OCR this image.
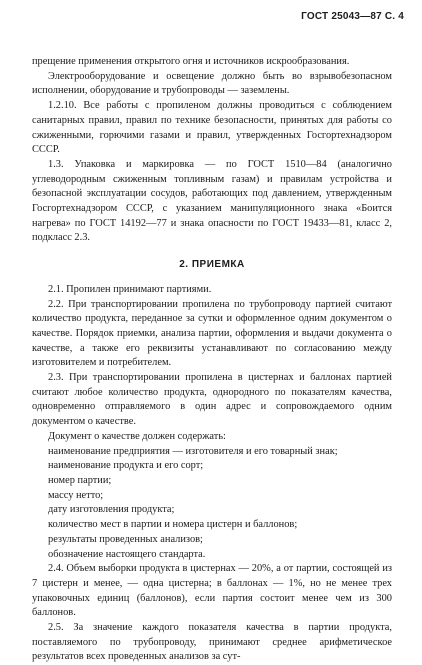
ГОСТ 25043—87 С. 4

прещение применения открытого огня и источников искрообразования.

Электрооборудование и освещение должно быть во взрывобезопасном исполнении, оборудование и трубопроводы — заземлены.

1.2.10. Все работы с пропиленом должны проводиться с соблюдением санитарных правил, правил по технике безопасности, принятых для работы со сжиженными, горючими газами и правил, утвержденных Госгортехнадзором СССР.

1.3. Упаковка и маркировка — по ГОСТ 1510—84 (аналогично углеводородным сжиженным топливным газам) и правилам устройства и безопасной эксплуатации сосудов, работающих под давлением, утвержденным Госгортехнадзором СССР, с указанием манипуляционного знака «Боится нагрева» по ГОСТ 14192—77 и знака опасности по ГОСТ 19433—81, класс 2, подкласс 2.3.

2. ПРИЕМКА

2.1. Пропилен принимают партиями.

2.2. При транспортировании пропилена по трубопроводу партией считают количество продукта, переданное за сутки и оформленное одним документом о качестве. Порядок приемки, анализа партии, оформления и выдачи документа о качестве, а также его реквизиты устанавливают по согласованию между изготовителем и потребителем.

2.3. При транспортировании пропилена в цистернах и баллонах партией считают любое количество продукта, однородного по показателям качества, одновременно отправляемого в один адрес и сопровождаемого одним документом о качестве.

Документ о качестве должен содержать:

наименование предприятия — изготовителя и его товарный знак;

наименование продукта и его сорт;

номер партии;

массу нетто;

дату изготовления продукта;

количество мест в партии и номера цистерн и баллонов;

результаты проведенных анализов;

обозначение настоящего стандарта.

2.4. Объем выборки продукта в цистернах — 20%, а от партии, состоящей из 7 цистерн и менее, — одна цистерна; в баллонах — 1%, но не менее трех упаковочных единиц (баллонов), если партия состоит менее чем из 300 баллонов.

2.5. За значение каждого показателя качества в партии продукта, поставляемого по трубопроводу, принимают среднее арифметическое результатов всех проведенных анализов за сут-
